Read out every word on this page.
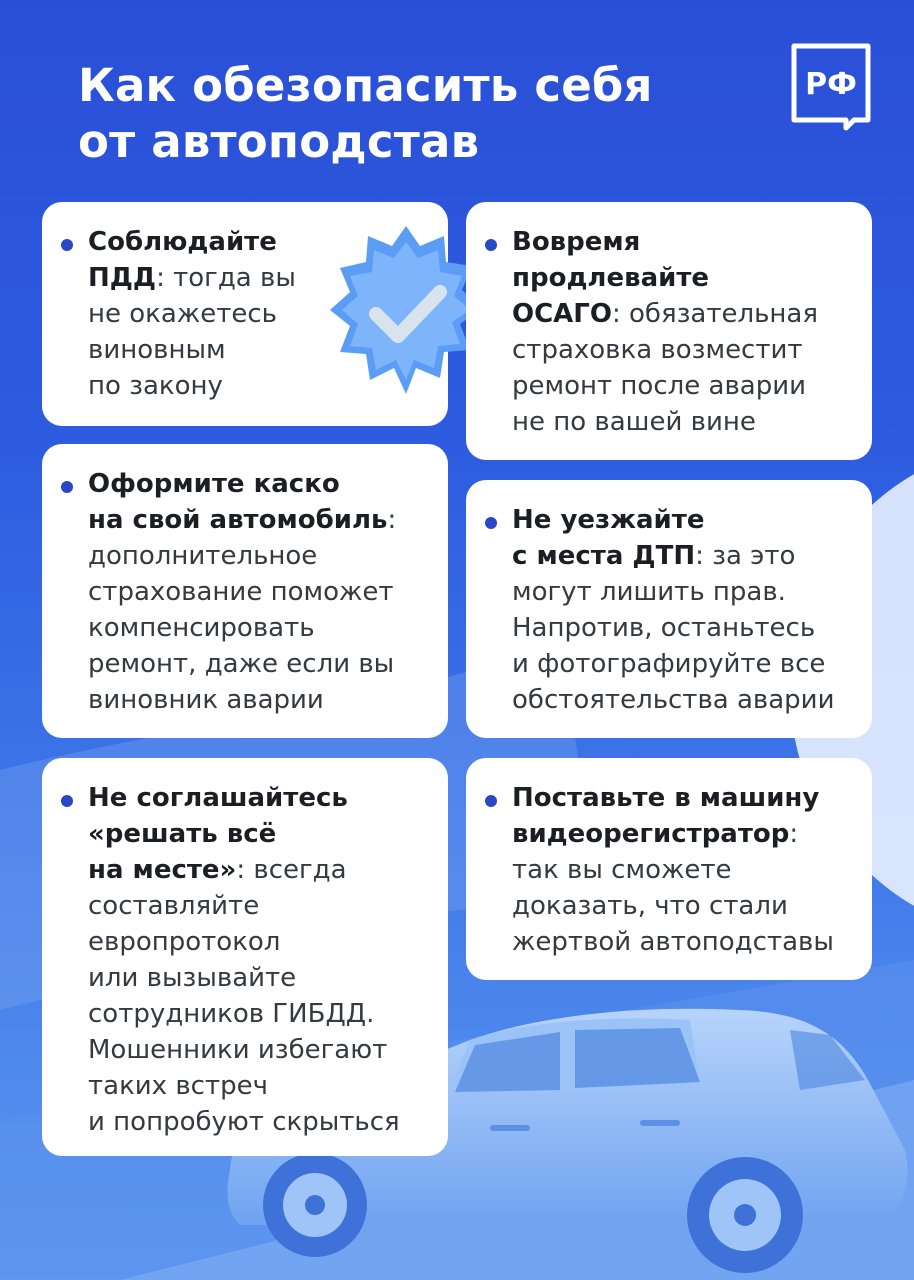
Как обезопасить себя
от автоподстав
РФ
Соблюдайте
ПДД: тогда вы
не окажетесь
виновным
по закону
Вовремя
продлевайте
ОСАГО: обязательная
страховка возместит
ремонт после аварии
не по вашей вине
Оформите каско
на свой автомобиль:
дополнительное
страхование поможет
компенсировать
ремонт, даже если вы
виновник аварии
Не уезжайте
с места ДТП: за это
могут лишить прав.
Напротив, останьтесь
и фотографируйте все
обстоятельства аварии
Не соглашайтесь
«решать всё
на месте»: всегда
составляйте
европротокол
или вызывайте
сотрудников ГИБДД.
Мошенники избегают
таких встреч
и попробуют скрыться
Поставьте в машину
видеорегистратор:
так вы сможете
доказать, что стали
жертвой автоподставы
